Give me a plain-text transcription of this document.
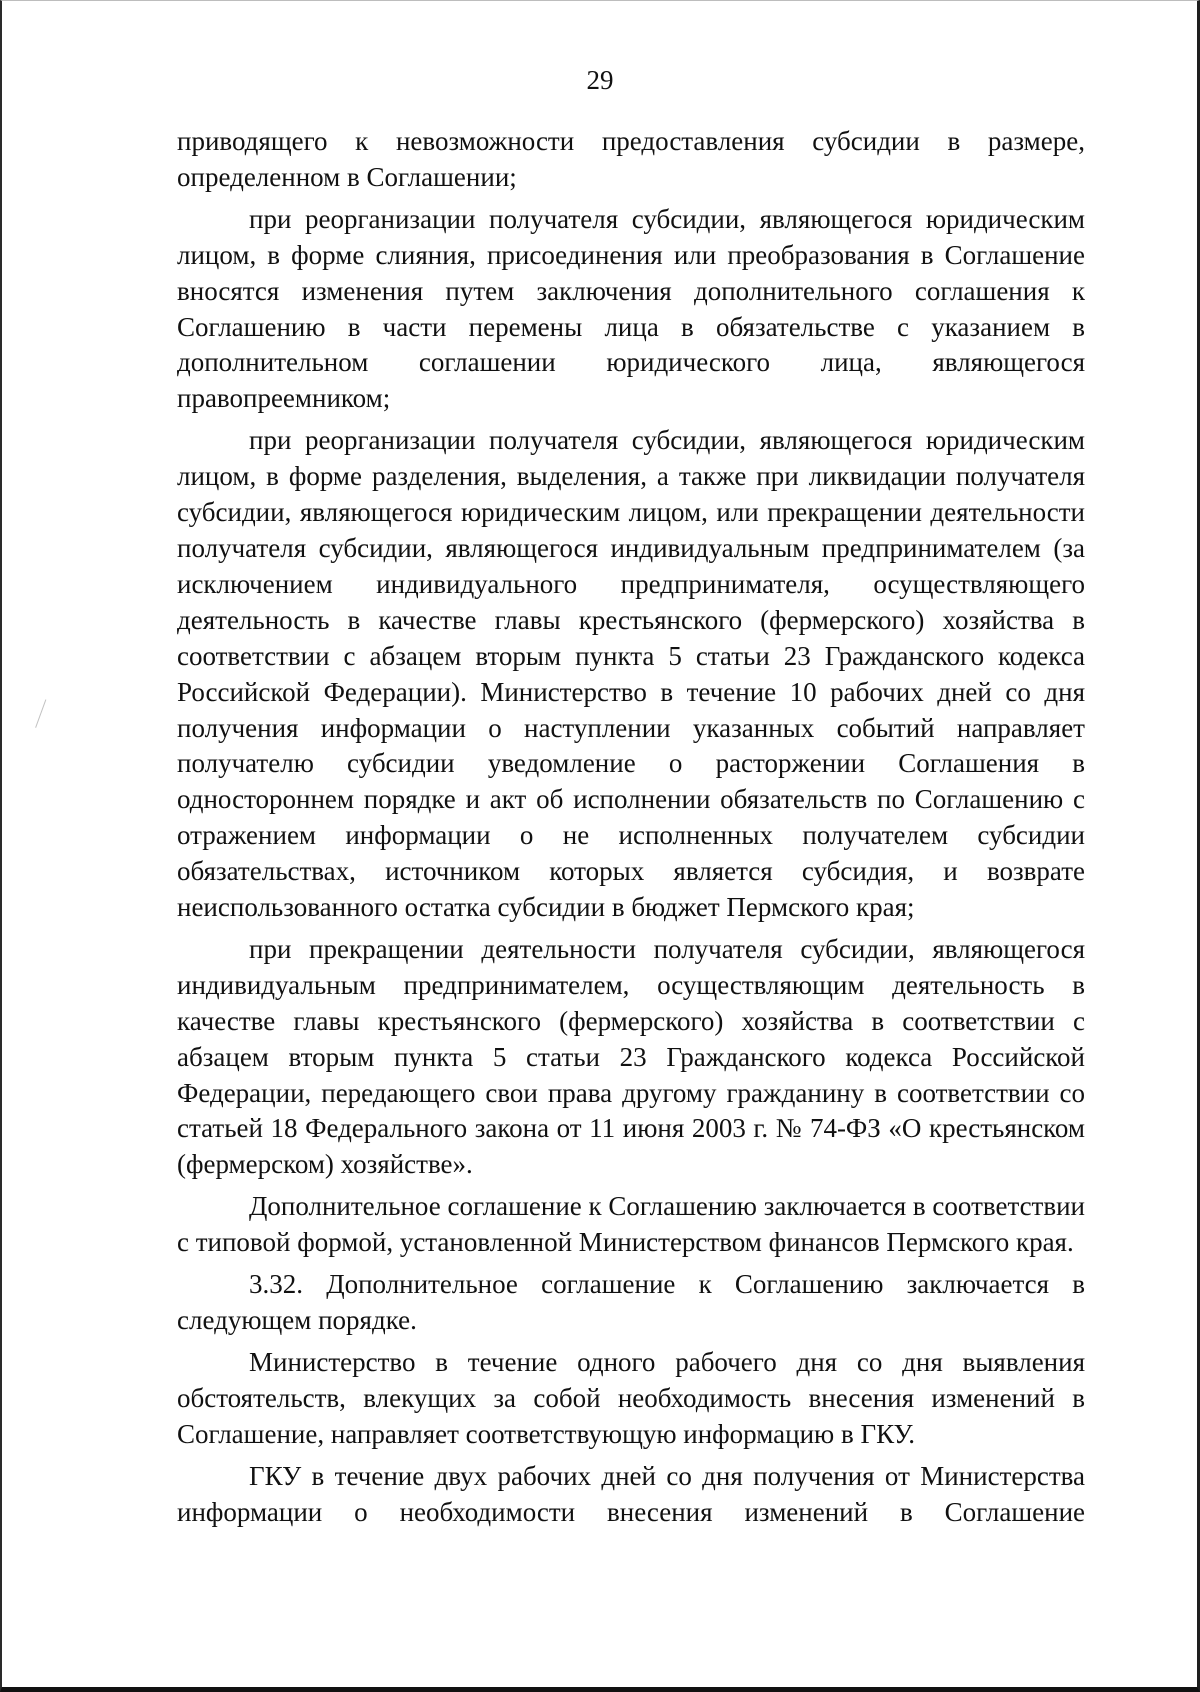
29

приводящего к невозможности предоставления субсидии в размере, определенном в Соглашении;

при реорганизации получателя субсидии, являющегося юридическим лицом, в форме слияния, присоединения или преобразования в Соглашение вносятся изменения путем заключения дополнительного соглашения к Соглашению в части перемены лица в обязательстве с указанием в дополнительном соглашении юридического лица, являющегося правопреемником;

при реорганизации получателя субсидии, являющегося юридическим лицом, в форме разделения, выделения, а также при ликвидации получателя субсидии, являющегося юридическим лицом, или прекращении деятельности получателя субсидии, являющегося индивидуальным предпринимателем (за исключением индивидуального предпринимателя, осуществляющего деятельность в качестве главы крестьянского (фермерского) хозяйства в соответствии с абзацем вторым пункта 5 статьи 23 Гражданского кодекса Российской Федерации). Министерство в течение 10 рабочих дней со дня получения информации о наступлении указанных событий направляет получателю субсидии уведомление о расторжении Соглашения в одностороннем порядке и акт об исполнении обязательств по Соглашению с отражением информации о не исполненных получателем субсидии обязательствах, источником которых является субсидия, и возврате неиспользованного остатка субсидии в бюджет Пермского края;

при прекращении деятельности получателя субсидии, являющегося индивидуальным предпринимателем, осуществляющим деятельность в качестве главы крестьянского (фермерского) хозяйства в соответствии с абзацем вторым пункта 5 статьи 23 Гражданского кодекса Российской Федерации, передающего свои права другому гражданину в соответствии со статьей 18 Федерального закона от 11 июня 2003 г. № 74-ФЗ «О крестьянском (фермерском) хозяйстве».

Дополнительное соглашение к Соглашению заключается в соответствии с типовой формой, установленной Министерством финансов Пермского края.

3.32. Дополнительное соглашение к Соглашению заключается в следующем порядке.

Министерство в течение одного рабочего дня со дня выявления обстоятельств, влекущих за собой необходимость внесения изменений в Соглашение, направляет соответствующую информацию в ГКУ.

ГКУ в течение двух рабочих дней со дня получения от Министерства информации о необходимости внесения изменений в Соглашение
